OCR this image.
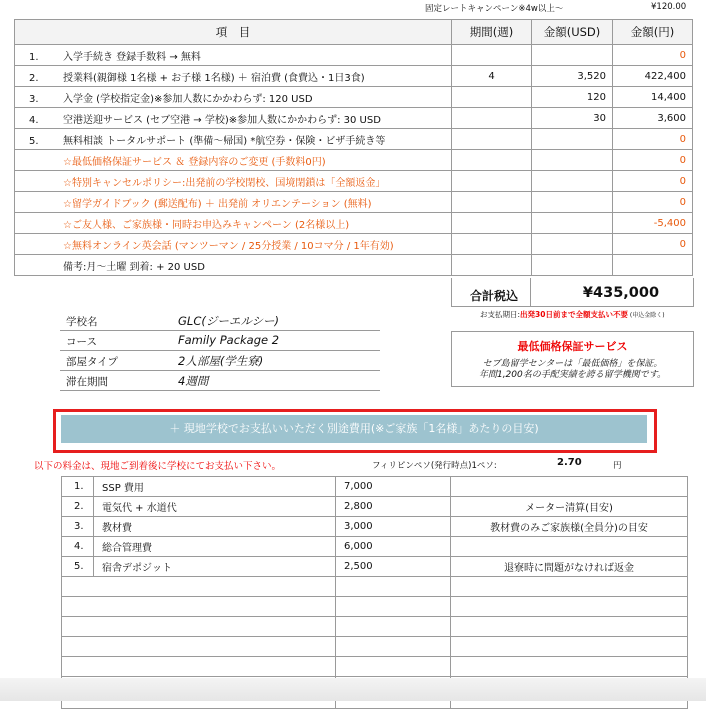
固定レートキャンペーン※4w以上～	¥120.00
項　目	期間(週)	金額(USD)	金額(円)
1. 入学手続き 登録手数料 → 無料			0
2. 授業料(親御様 1名様 + お子様 1名様) ＋ 宿泊費 (食費込・1日3食)	4	3,520	422,400
3. 入学金 (学校指定金)※参加人数にかかわらず: 120 USD		120	14,400
4. 空港送迎サービス (セブ空港 → 学校)※参加人数にかかわらず: 30 USD		30	3,600
5. 無料相談 トータルサポート (準備～帰国) *航空券・保険・ビザ手続き等			0
☆最低価格保証サービス ＆ 登録内容のご変更 (手数料0円)			0
☆特別キャンセルポリシー:出発前の学校閉校、国境閉鎖は「全額返金」			0
☆留学ガイドブック (郵送配布) ＋ 出発前 オリエンテーション (無料)			0
☆ご友人様、ご家族様・同時お申込みキャンペーン (2名様以上)			-5,400
☆無料オンライン英会話 (マンツーマン / 25分授業 / 10コマ分 / 1年有効)			0
備考:月～土曜 到着: + 20 USD			
合計税込	¥435,000
お支払期日:出発30日前まで全額支払い不要 (申込金除く)
学校名	GLC(ジーエルシー)
コース	Family Package 2
部屋タイプ	2人部屋(学生寮)
滞在期間	4週間
最低価格保証サービス
セブ島留学センターは「最低価格」を保証。
年間1,200名の手配実績を誇る留学機関です。
＋ 現地学校でお支払いいただく別途費用(※ご家族「1名様」あたりの目安)
以下の料金は、現地ご到着後に学校にてお支払い下さい。	フィリピンペソ(発行時点)1ペソ:	2.70	円
1.	SSP 費用	7,000	
2.	電気代 + 水道代	2,800	メーター清算(目安)
3.	教材費	3,000	教材費のみご家族様(全員分)の目安
4.	総合管理費	6,000	
5.	宿舎デポジット	2,500	退寮時に問題がなければ返金
